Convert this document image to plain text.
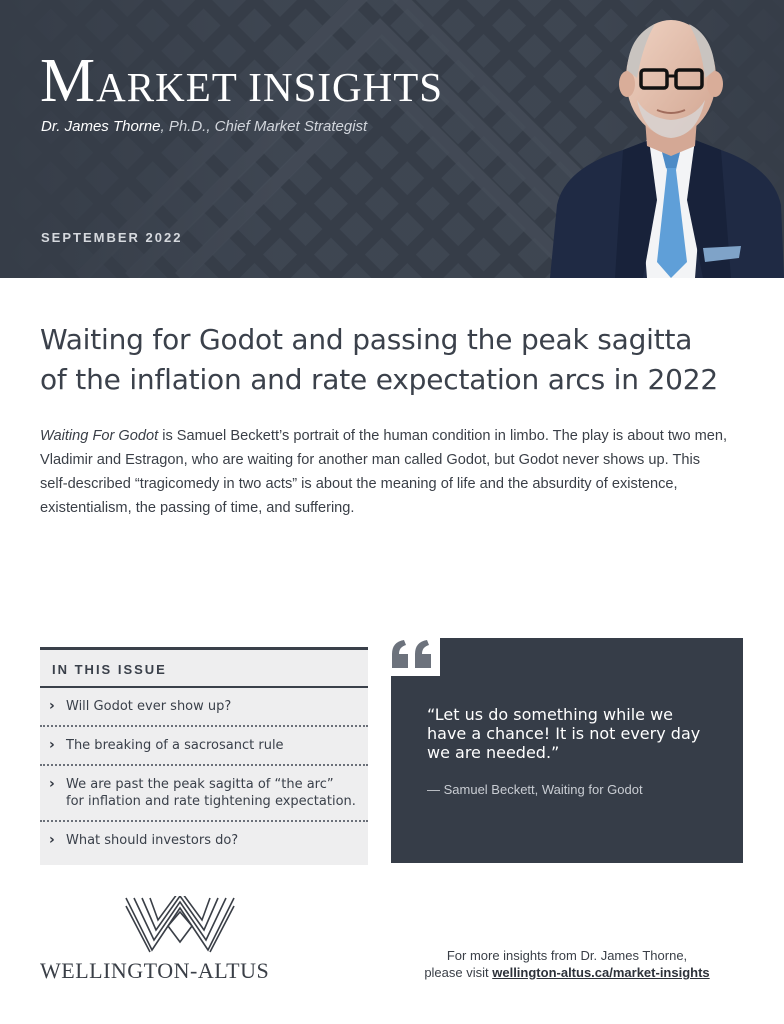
MARKET INSIGHTS
Dr. James Thorne, Ph.D., Chief Market Strategist
SEPTEMBER 2022
Waiting for Godot and passing the peak sagitta
of the inflation and rate expectation arcs in 2022

Waiting For Godot is Samuel Beckett’s portrait of the human condition in limbo. The play is about two men, Vladimir and Estragon, who are waiting for another man called Godot, but Godot never shows up. This self-described “tragicomedy in two acts” is about the meaning of life and the absurdity of existence, existentialism, the passing of time, and suffering.

IN THIS ISSUE
› Will Godot ever show up?
› The breaking of a sacrosanct rule
› We are past the peak sagitta of “the arc”
for inflation and rate tightening expectation.
› What should investors do?

“Let us do something while we
have a chance! It is not every day
we are needed.”

— Samuel Beckett, Waiting for Godot
WELLINGTON-ALTUS
For more insights from Dr. James Thorne,
please visit wellington-altus.ca/market-insights
